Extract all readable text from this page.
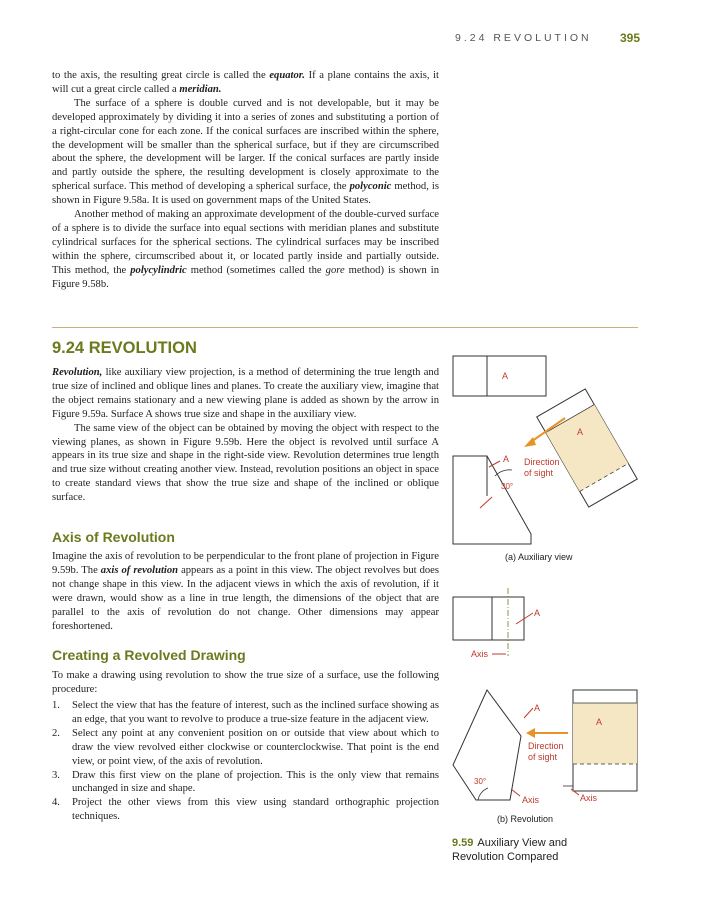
9.24 REVOLUTION 395

to the axis, the resulting great circle is called the equator. If a plane contains the axis, it will cut a great circle called a meridian.

The surface of a sphere is double curved and is not developable, but it may be developed approximately by dividing it into a series of zones and substituting a portion of a right-circular cone for each zone. If the conical surfaces are inscribed within the sphere, the development will be smaller than the spherical surface, but if they are circumscribed about the sphere, the development will be larger. If the conical surfaces are partly inside and partly outside the sphere, the resulting development is closely approximate to the spherical surface. This method of developing a spherical surface, the polyconic method, is shown in Figure 9.58a. It is used on government maps of the United States.

Another method of making an approximate development of the double-curved surface of a sphere is to divide the surface into equal sections with meridian planes and substitute cylindrical surfaces for the spherical sections. The cylindrical surfaces may be inscribed within the sphere, circumscribed about it, or located partly inside and partially outside. This method, the polycylindric method (sometimes called the gore method) is shown in Figure 9.58b.

9.24 REVOLUTION

Revolution, like auxiliary view projection, is a method of determining the true length and true size of inclined and oblique lines and planes. To create the auxiliary view, imagine that the object remains stationary and a new viewing plane is added as shown by the arrow in Figure 9.59a. Surface A shows true size and shape in the auxiliary view.

The same view of the object can be obtained by moving the object with respect to the viewing planes, as shown in Figure 9.59b. Here the object is revolved until surface A appears in its true size and shape in the right-side view. Revolution determines true length and true size without creating another view. Instead, revolution positions an object in space to create standard views that show the true size and shape of the inclined or oblique surface.

Axis of Revolution

Imagine the axis of revolution to be perpendicular to the front plane of projection in Figure 9.59b. The axis of revolution appears as a point in this view. The object revolves but does not change shape in this view. In the adjacent views in which the axis of revolution, if it were drawn, would show as a line in true length, the dimensions of the object that are parallel to the axis of revolution do not change. Other dimensions may appear foreshortened.

Creating a Revolved Drawing

To make a drawing using revolution to show the true size of a surface, use the following procedure:

1. Select the view that has the feature of interest, such as the inclined surface showing as an edge, that you want to revolve to produce a true-size feature in the adjacent view.
2. Select any point at any convenient position on or outside that view about which to draw the view revolved either clockwise or counterclockwise. That point is the end view, or point view, of the axis of revolution.
3. Draw this first view on the plane of projection. This is the only view that remains unchanged in size and shape.
4. Project the other views from this view using standard orthographic projection techniques.
A
30°
A
A
Direction
of sight
(a) Auxiliary view
A
Axis
30°
A
Axis
A
Direction
of sight
Axis
(b) Revolution
9.59 Auxiliary View and Revolution Compared
